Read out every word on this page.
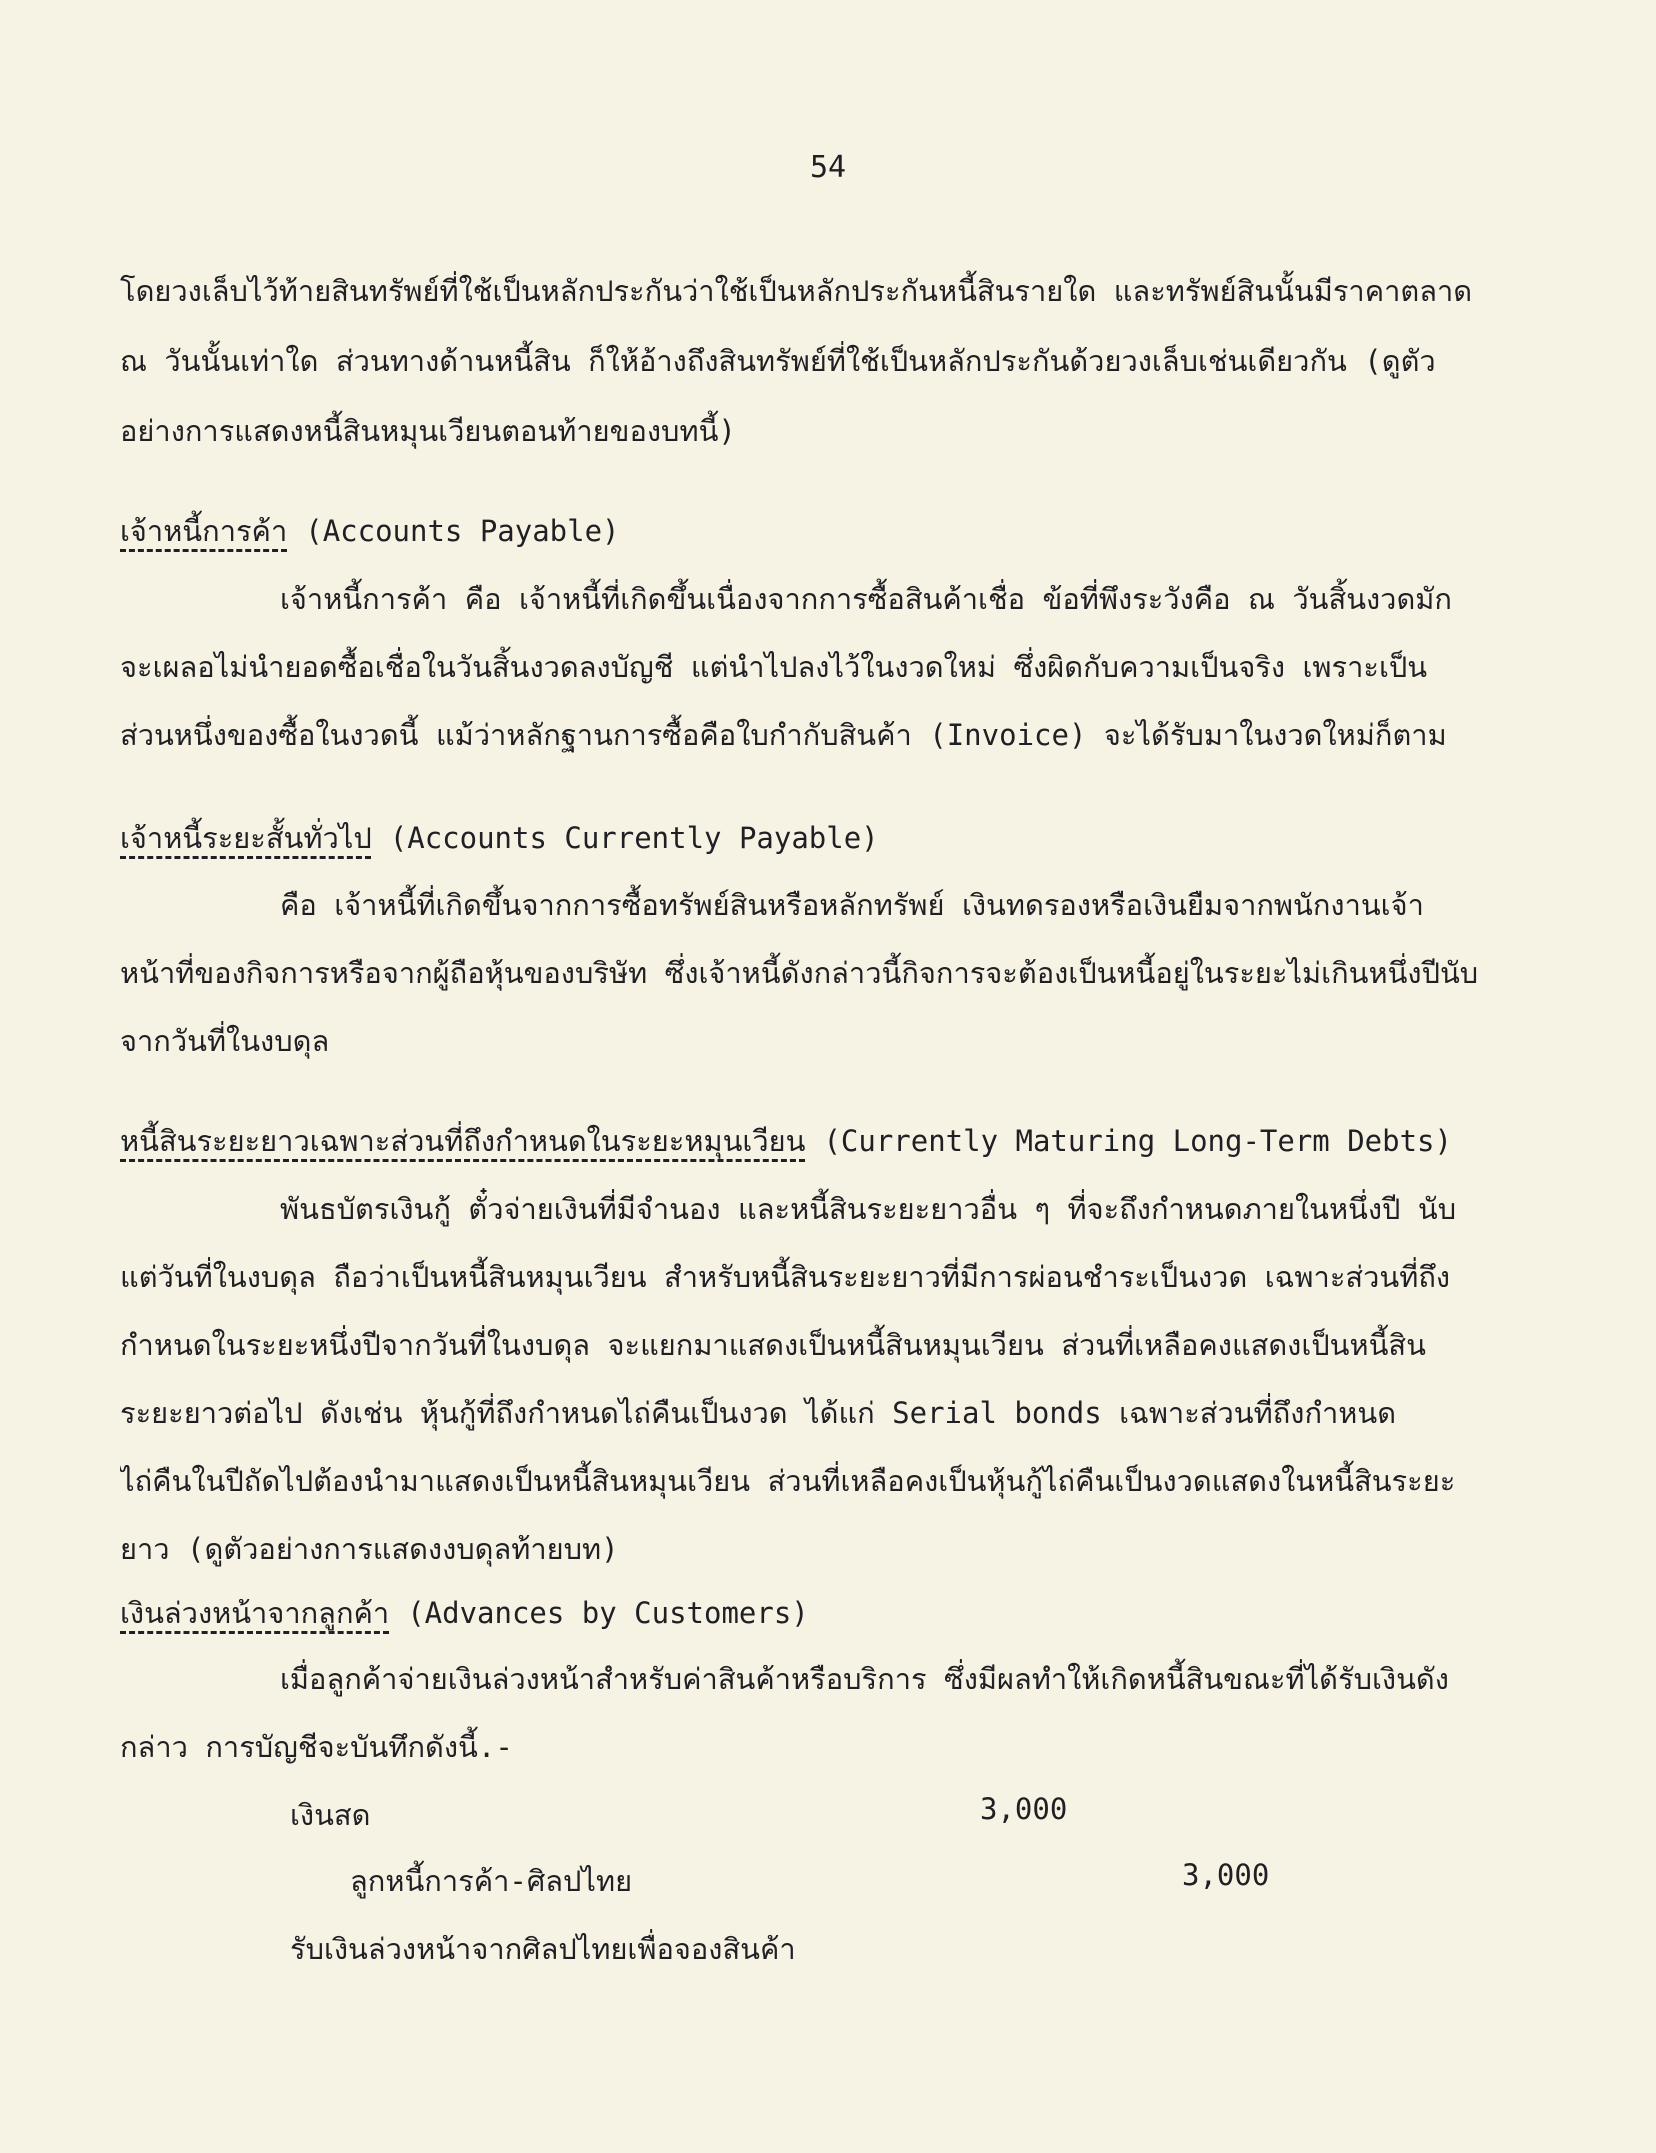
54
โดยวงเล็บไว้ท้ายสินทรัพย์ที่ใช้เป็นหลักประกันว่าใช้เป็นหลักประกันหนี้สินรายใด และทรัพย์สินนั้นมีราคาตลาด
ณ วันนั้นเท่าใด ส่วนทางด้านหนี้สิน ก็ให้อ้างถึงสินทรัพย์ที่ใช้เป็นหลักประกันด้วยวงเล็บเช่นเดียวกัน (ดูตัว
อย่างการแสดงหนี้สินหมุนเวียนตอนท้ายของบทนี้)
เจ้าหนี้การค้า (Accounts Payable)
เจ้าหนี้การค้า คือ เจ้าหนี้ที่เกิดขึ้นเนื่องจากการซื้อสินค้าเชื่อ ข้อที่พึงระวังคือ ณ วันสิ้นงวดมัก
จะเผลอไม่นำยอดซื้อเชื่อในวันสิ้นงวดลงบัญชี แต่นำไปลงไว้ในงวดใหม่ ซึ่งผิดกับความเป็นจริง เพราะเป็น
ส่วนหนึ่งของซื้อในงวดนี้ แม้ว่าหลักฐานการซื้อคือใบกำกับสินค้า (Invoice) จะได้รับมาในงวดใหม่ก็ตาม
เจ้าหนี้ระยะสั้นทั่วไป (Accounts Currently Payable)
คือ เจ้าหนี้ที่เกิดขึ้นจากการซื้อทรัพย์สินหรือหลักทรัพย์ เงินทดรองหรือเงินยืมจากพนักงานเจ้า
หน้าที่ของกิจการหรือจากผู้ถือหุ้นของบริษัท ซึ่งเจ้าหนี้ดังกล่าวนี้กิจการจะต้องเป็นหนี้อยู่ในระยะไม่เกินหนึ่งปีนับ
จากวันที่ในงบดุล
หนี้สินระยะยาวเฉพาะส่วนที่ถึงกำหนดในระยะหมุนเวียน (Currently Maturing Long-Term Debts)
พันธบัตรเงินกู้ ตั๋วจ่ายเงินที่มีจำนอง และหนี้สินระยะยาวอื่น ๆ ที่จะถึงกำหนดภายในหนึ่งปี นับ
แต่วันที่ในงบดุล ถือว่าเป็นหนี้สินหมุนเวียน สำหรับหนี้สินระยะยาวที่มีการผ่อนชำระเป็นงวด เฉพาะส่วนที่ถึง
กำหนดในระยะหนึ่งปีจากวันที่ในงบดุล จะแยกมาแสดงเป็นหนี้สินหมุนเวียน ส่วนที่เหลือคงแสดงเป็นหนี้สิน
ระยะยาวต่อไป ดังเช่น หุ้นกู้ที่ถึงกำหนดไถ่คืนเป็นงวด ได้แก่ Serial bonds เฉพาะส่วนที่ถึงกำหนด
ไถ่คืนในปีถัดไปต้องนำมาแสดงเป็นหนี้สินหมุนเวียน ส่วนที่เหลือคงเป็นหุ้นกู้ไถ่คืนเป็นงวดแสดงในหนี้สินระยะ
ยาว (ดูตัวอย่างการแสดงงบดุลท้ายบท)
เงินล่วงหน้าจากลูกค้า (Advances by Customers)
เมื่อลูกค้าจ่ายเงินล่วงหน้าสำหรับค่าสินค้าหรือบริการ ซึ่งมีผลทำให้เกิดหนี้สินขณะที่ได้รับเงินดัง
กล่าว การบัญชีจะบันทึกดังนี้.-
เงินสด	3,000
ลูกหนี้การค้า-ศิลปไทย	3,000
รับเงินล่วงหน้าจากศิลปไทยเพื่อจองสินค้า
